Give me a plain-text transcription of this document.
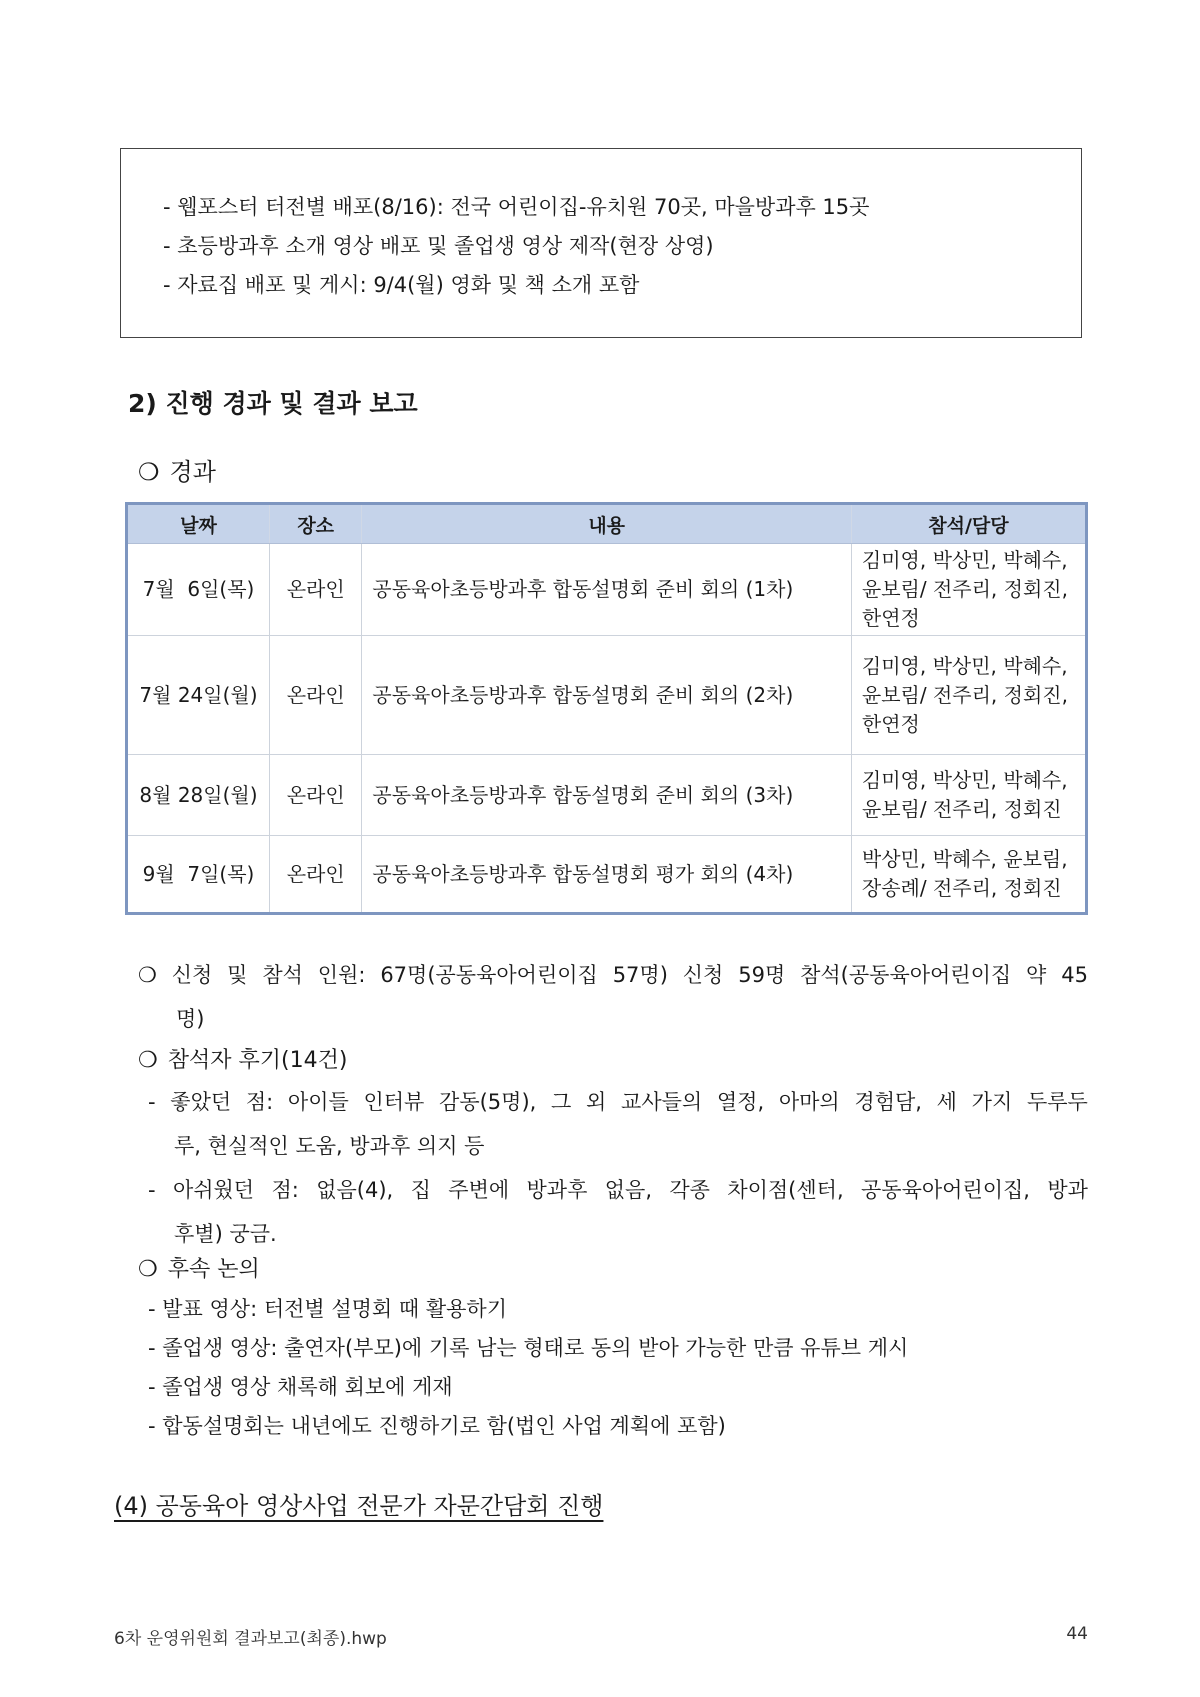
- 웹포스터 터전별 배포(8/16): 전국 어린이집-유치원 70곳, 마을방과후 15곳
- 초등방과후 소개 영상 배포 및 졸업생 영상 제작(현장 상영)
- 자료집 배포 및 게시: 9/4(월) 영화 및 책 소개 포함
2) 진행 경과 및 결과 보고
❍ 경과
날짜	장소	내용	참석/담당
7월  6일(목)	온라인	공동육아초등방과후 합동설명회 준비 회의 (1차)	김미영, 박상민, 박혜수,
윤보림/ 전주리, 정회진,
한연정

7월 24일(월)	온라인	공동육아초등방과후 합동설명회 준비 회의 (2차)	김미영, 박상민, 박혜수,
윤보림/ 전주리, 정회진,
한연정

8월 28일(월)	온라인	공동육아초등방과후 합동설명회 준비 회의 (3차)	김미영, 박상민, 박혜수,
윤보림/ 전주리, 정회진

9월  7일(목)	온라인	공동육아초등방과후 합동설명회 평가 회의 (4차)	박상민, 박혜수, 윤보림,
장송례/ 전주리, 정회진
❍ 신청 및 참석 인원: 67명(공동육아어린이집 57명) 신청 59명 참석(공동육아어린이집 약 45
명)
❍ 참석자 후기(14건)
- 좋았던 점: 아이들 인터뷰 감동(5명), 그 외 교사들의 열정, 아마의 경험담, 세 가지 두루두
루, 현실적인 도움, 방과후 의지 등
- 아쉬웠던 점: 없음(4), 집 주변에 방과후 없음, 각종 차이점(센터, 공동육아어린이집, 방과
후별) 궁금.
❍ 후속 논의
- 발표 영상: 터전별 설명회 때 활용하기
- 졸업생 영상: 출연자(부모)에 기록 남는 형태로 동의 받아 가능한 만큼 유튜브 게시
- 졸업생 영상 채록해 회보에 게재
- 합동설명회는 내년에도 진행하기로 함(법인 사업 계획에 포함)
(4) 공동육아 영상사업 전문가 자문간담회 진행
6차 운영위원회 결과보고(최종).hwp	44
